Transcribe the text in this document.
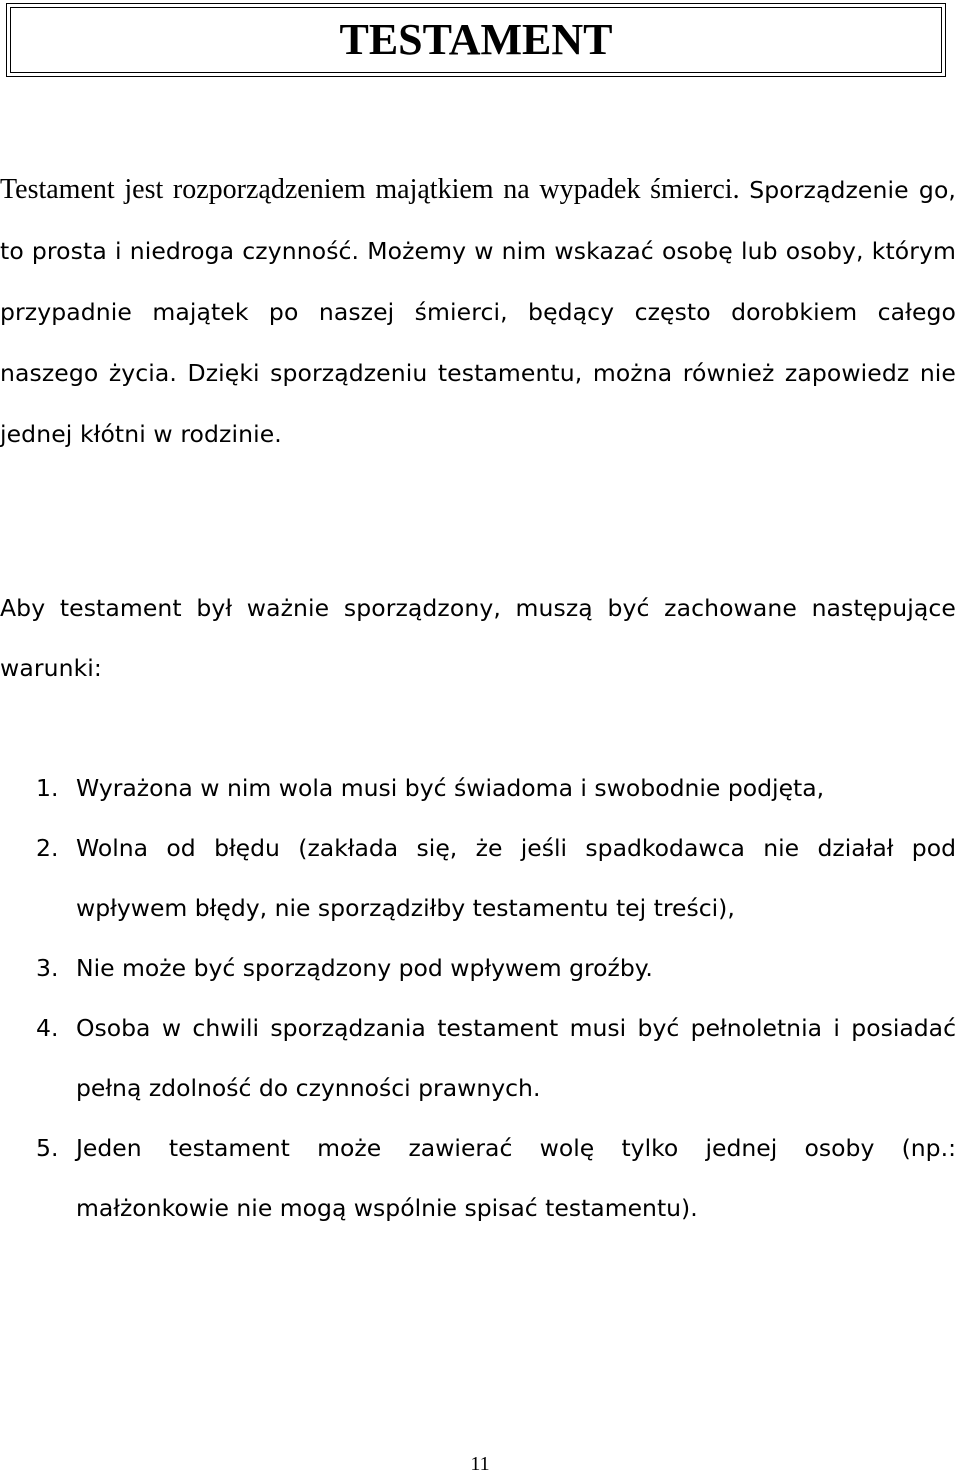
TESTAMENT

Testament jest rozporządzeniem majątkiem na wypadek śmierci. Sporządzenie go, to prosta i niedroga czynność. Możemy w nim wskazać osobę lub osoby, którym przypadnie majątek po naszej śmierci, będący często dorobkiem całego naszego życia. Dzięki sporządzeniu testamentu, można również zapowiedz nie jednej kłótni w rodzinie.

Aby testament był ważnie sporządzony, muszą być zachowane następujące warunki:

1. Wyrażona w nim wola musi być świadoma i swobodnie podjęta,
2. Wolna od błędu (zakłada się, że jeśli spadkodawca nie działał pod wpływem błędy, nie sporządziłby testamentu tej treści),
3. Nie może być sporządzony pod wpływem groźby.
4. Osoba w chwili sporządzania testament musi być pełnoletnia i posiadać pełną zdolność do czynności prawnych.
5. Jeden testament może zawierać wolę tylko jednej osoby (np.: małżonkowie nie mogą wspólnie spisać testamentu).
11
